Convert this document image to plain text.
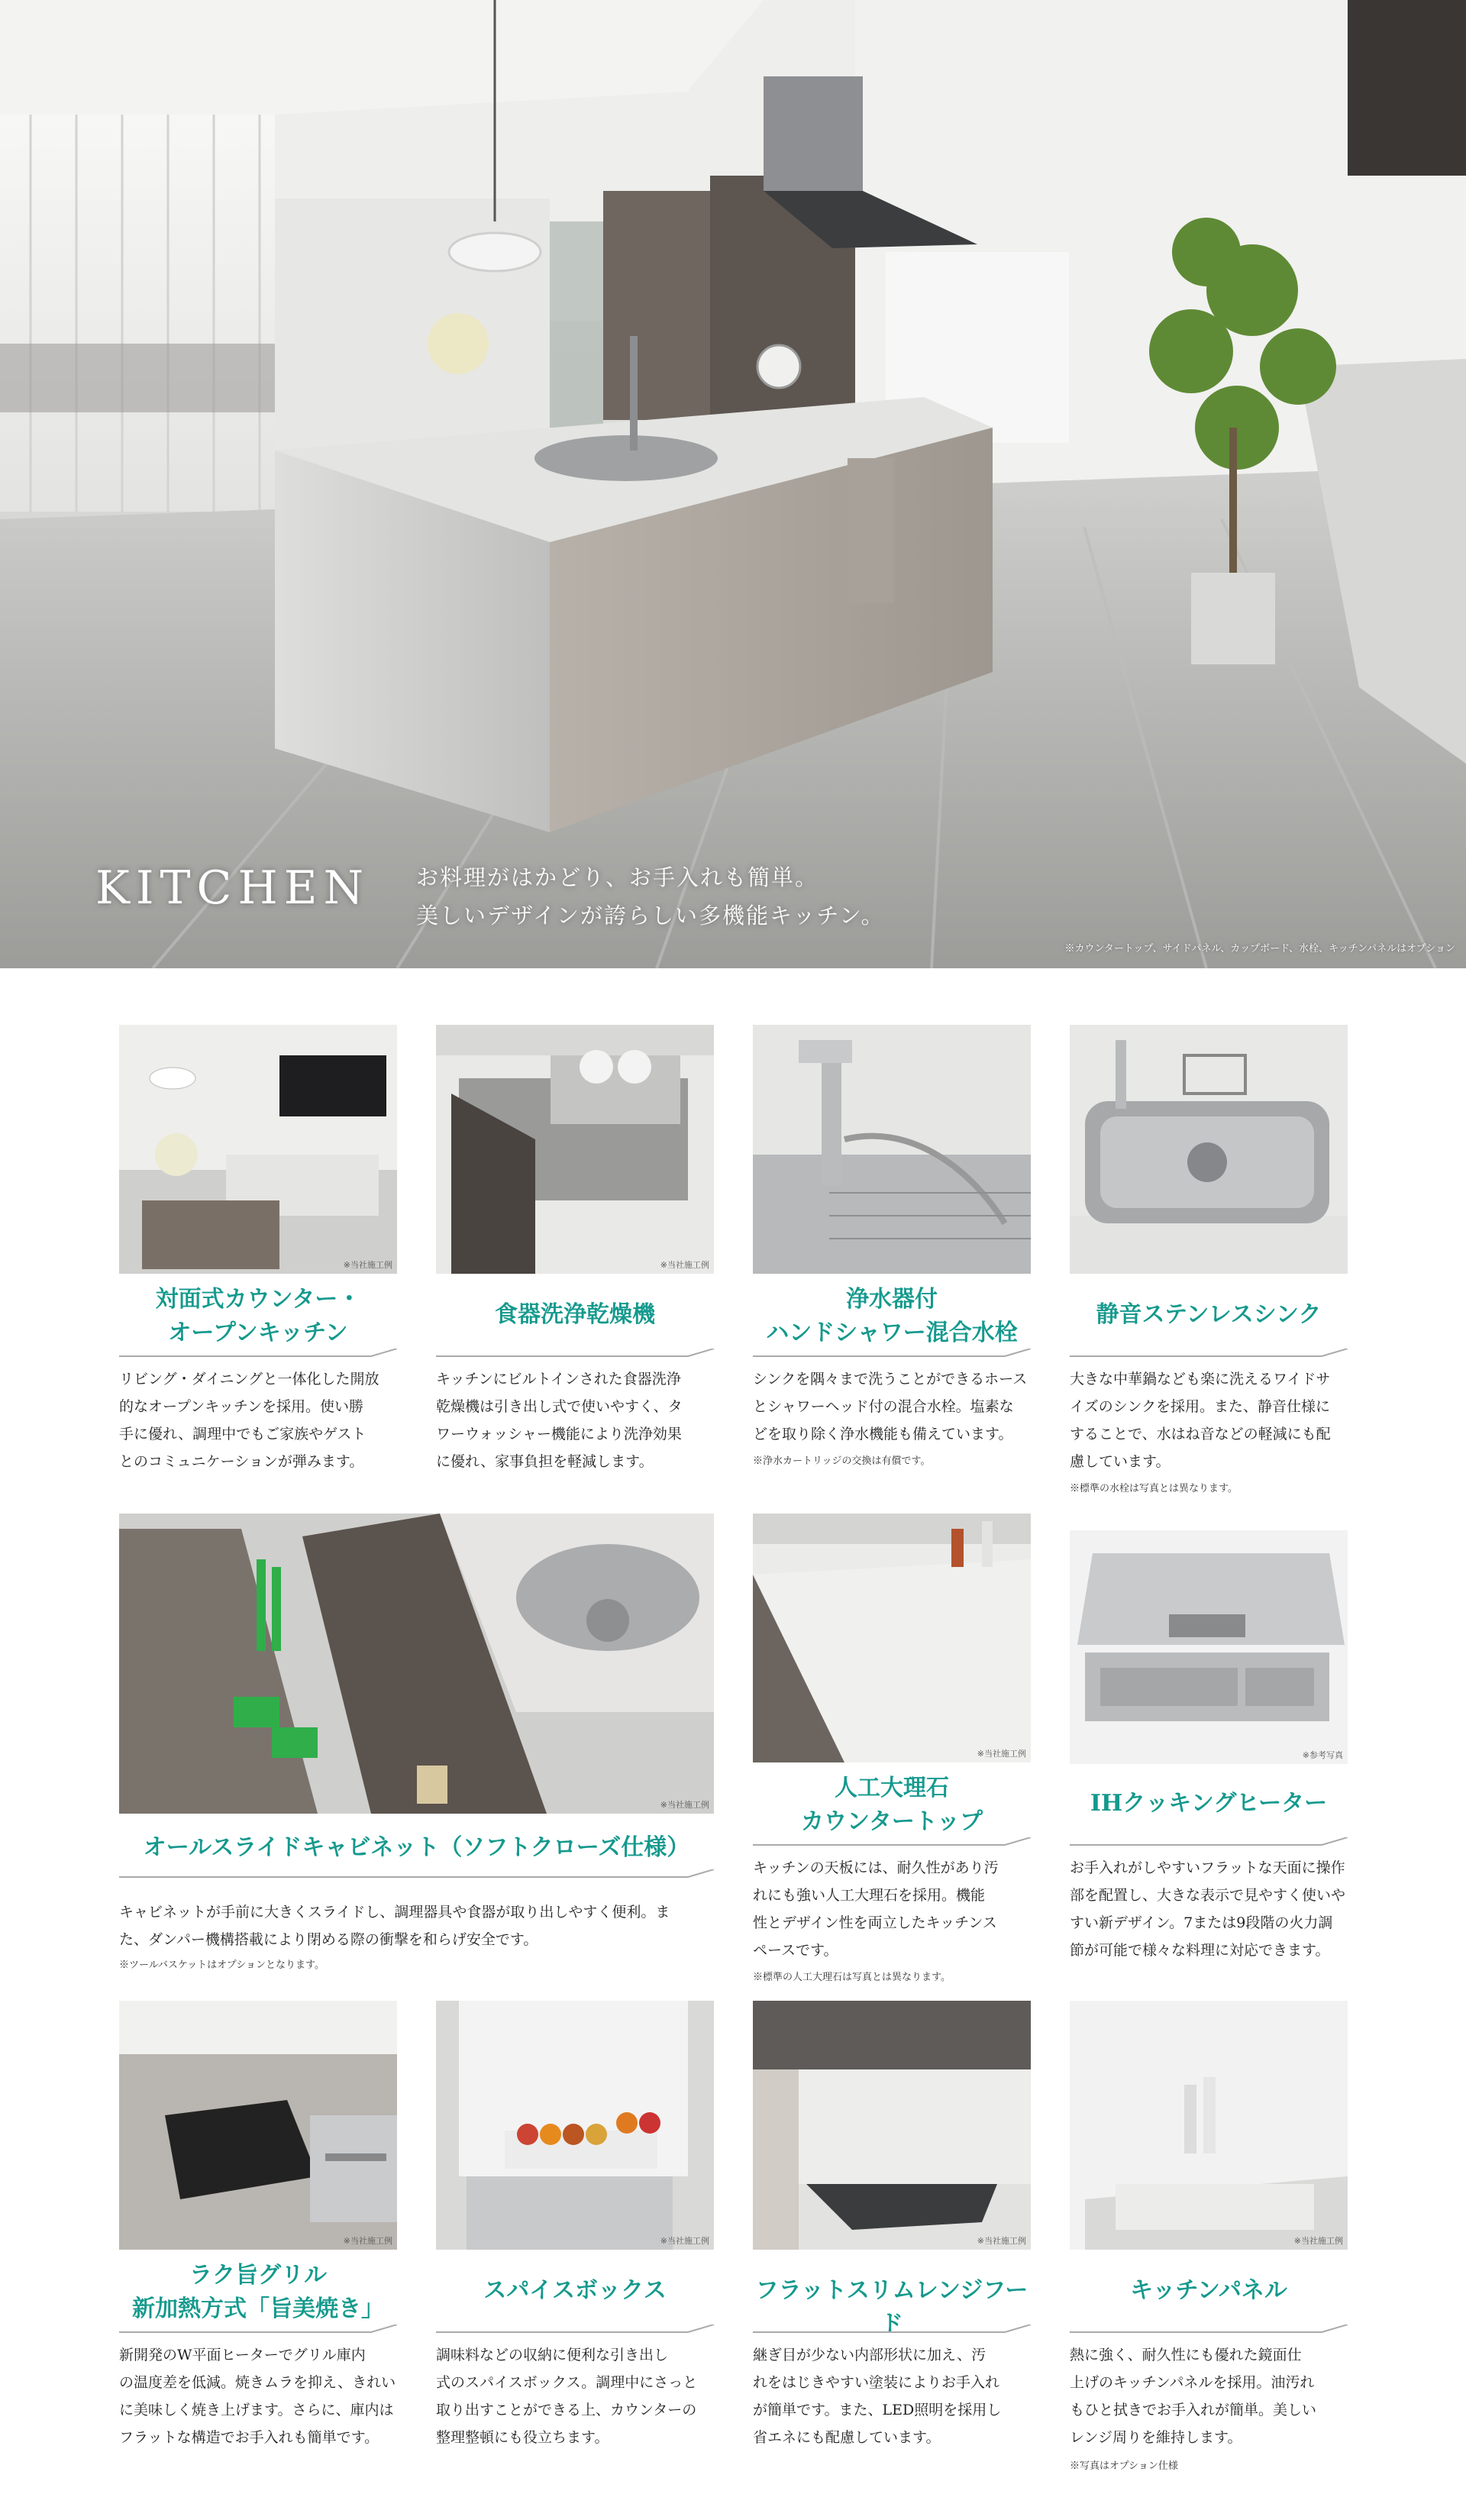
KITCHEN お料理がはかどり、お手入れも簡単。
美しいデザインが誇らしい多機能キッチン。
※カウンタートップ、サイドパネル、カップボード、水栓、キッチンパネルはオプション
※当社施工例
対面式カウンター・
オープンキッチン
リビング・ダイニングと一体化した開放
的なオープンキッチンを採用。使い勝
手に優れ、調理中でもご家族やゲスト
とのコミュニケーションが弾みます。
※当社施工例
食器洗浄乾燥機
キッチンにビルトインされた食器洗浄
乾燥機は引き出し式で使いやすく、タ
ワーウォッシャー機能により洗浄効果
に優れ、家事負担を軽減します。
浄水器付
ハンドシャワー混合水栓
シンクを隅々まで洗うことができるホース
とシャワーヘッド付の混合水栓。塩素な
どを取り除く浄水機能も備えています。
※浄水カートリッジの交換は有償です。
静音ステンレスシンク
大きな中華鍋なども楽に洗えるワイドサ
イズのシンクを採用。また、静音仕様に
することで、水はね音などの軽減にも配
慮しています。
※標準の水栓は写真とは異なります。
※当社施工例
オールスライドキャビネット（ソフトクローズ仕様）
キャビネットが手前に大きくスライドし、調理器具や食器が取り出しやすく便利。ま
た、ダンパー機構搭載により閉める際の衝撃を和らげ安全です。
※ツールバスケットはオプションとなります。
※当社施工例
人工大理石
カウンタートップ
キッチンの天板には、耐久性があり汚
れにも強い人工大理石を採用。機能
性とデザイン性を両立したキッチンス
ペースです。
※標準の人工大理石は写真とは異なります。
※参考写真
IHクッキングヒーター
お手入れがしやすいフラットな天面に操作
部を配置し、大きな表示で見やすく使いや
すい新デザイン。7または9段階の火力調
節が可能で様々な料理に対応できます。
※当社施工例
ラク旨グリル
新加熱方式「旨美焼き」
新開発のW平面ヒーターでグリル庫内
の温度差を低減。焼きムラを抑え、きれい
に美味しく焼き上げます。さらに、庫内は
フラットな構造でお手入れも簡単です。
※当社施工例
スパイスボックス
調味料などの収納に便利な引き出し
式のスパイスボックス。調理中にさっと
取り出すことができる上、カウンターの
整理整頓にも役立ちます。
※当社施工例
フラットスリムレンジフード
継ぎ目が少ない内部形状に加え、汚
れをはじきやすい塗装によりお手入れ
が簡単です。また、LED照明を採用し
省エネにも配慮しています。
※当社施工例
キッチンパネル
熱に強く、耐久性にも優れた鏡面仕
上げのキッチンパネルを採用。油汚れ
もひと拭きでお手入れが簡単。美しい
レンジ周りを維持します。
※写真はオプション仕様
